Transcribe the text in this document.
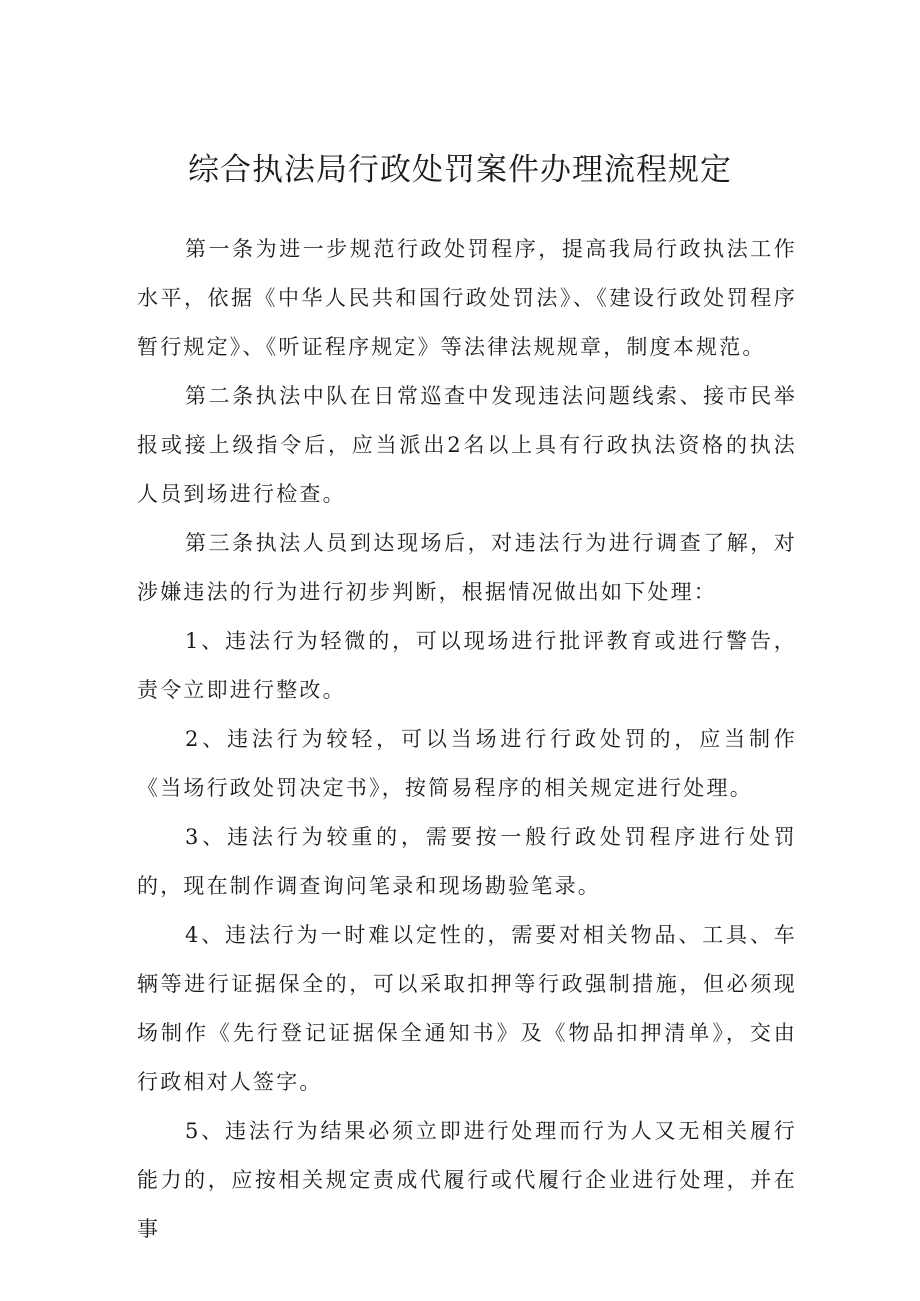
综合执法局行政处罚案件办理流程规定

第一条为进一步规范行政处罚程序，提高我局行政执法工作水平，依据《中华人民共和国行政处罚法》、《建设行政处罚程序暂行规定》、《听证程序规定》等法律法规规章，制度本规范。

第二条执法中队在日常巡查中发现违法问题线索、接市民举报或接上级指令后，应当派出2名以上具有行政执法资格的执法人员到场进行检查。

第三条执法人员到达现场后，对违法行为进行调查了解，对涉嫌违法的行为进行初步判断，根据情况做出如下处理：

1、违法行为轻微的，可以现场进行批评教育或进行警告，责令立即进行整改。

2、违法行为较轻，可以当场进行行政处罚的，应当制作《当场行政处罚决定书》，按简易程序的相关规定进行处理。

3、违法行为较重的，需要按一般行政处罚程序进行处罚的，现在制作调查询问笔录和现场勘验笔录。

4、违法行为一时难以定性的，需要对相关物品、工具、车辆等进行证据保全的，可以采取扣押等行政强制措施，但必须现场制作《先行登记证据保全通知书》及《物品扣押清单》，交由行政相对人签字。

5、违法行为结果必须立即进行处理而行为人又无相关履行能力的，应按相关规定责成代履行或代履行企业进行处理，并在事
